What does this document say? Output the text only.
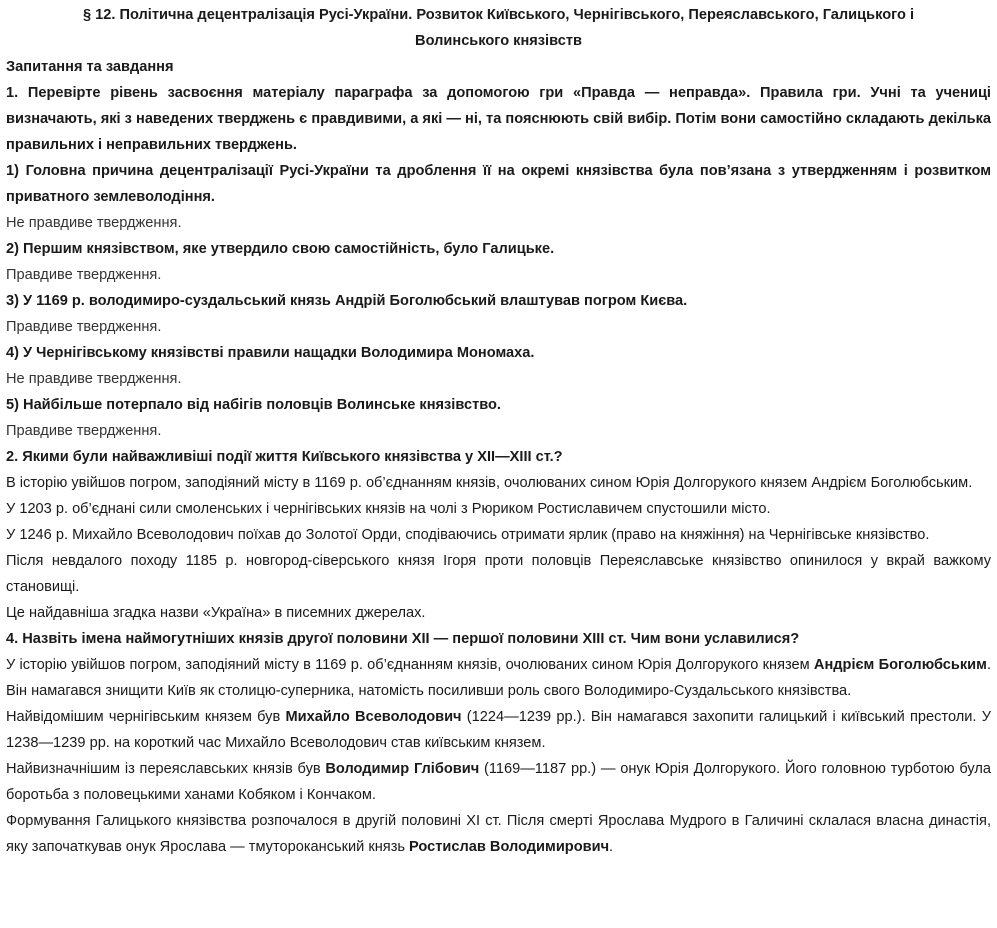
§ 12. Політична децентралізація Русі-України. Розвиток Київського, Чернігівського, Переяславського, Галицького і Волинського князівств

Запитання та завдання

1. Перевірте рівень засвоєння матеріалу параграфа за допомогою гри «Правда — неправда». Правила гри. Учні та учениці визначають, які з наведених тверджень є правдивими, а які — ні, та пояснюють свій вибір. Потім вони самостійно складають декілька правильних і неправильних тверджень.

1) Головна причина децентралізації Русі-України та дроблення її на окремі князівства була пов’язана з утвердженням і розвитком приватного землеволодіння.

Не правдиве твердження.

2) Першим князівством, яке утвердило свою самостійність, було Галицьке.

Правдиве твердження.

3) У 1169 р. володимиро-суздальський князь Андрій Боголюбський влаштував погром Києва.

Правдиве твердження.

4) У Чернігівському князівстві правили нащадки Володимира Мономаха.

Не правдиве твердження.

5) Найбільше потерпало від набігів половців Волинське князівство.

Правдиве твердження.

2. Якими були найважливіші події життя Київського князівства у XII—XIII ст.?

В історію увійшов погром, заподіяний місту в 1169 р. об’єднанням князів, очолюваних сином Юрія Долгорукого князем Андрієм Боголюбським.

У 1203 р. об’єднані сили смоленських і чернігівських князів на чолі з Рюриком Ростиславичем спустошили місто.

У 1246 р. Михайло Всеволодович поїхав до Золотої Орди, сподіваючись отримати ярлик (право на княжіння) на Чернігівське князівство.

Після невдалого походу 1185 р. новгород-сіверського князя Ігоря проти половців Переяславське князівство опинилося у вкрай важкому становищі.

Це найдавніша згадка назви «Україна» в писемних джерелах.

4. Назвіть імена наймогутніших князів другої половини XII — першої половини XIII ст. Чим вони уславилися?

У історію увійшов погром, заподіяний місту в 1169 р. об’єднанням князів, очолюваних сином Юрія Долгорукого князем Андрієм Боголюбським. Він намагався знищити Київ як столицю-суперника, натомість посиливши роль свого Володимиро-Суздальського князівства.

Найвідомішим чернігівським князем був Михайло Всеволодович (1224—1239 рр.). Він намагався захопити галицький і київський престоли. У 1238—1239 рр. на короткий час Михайло Всеволодович став київським князем.

Найвизначнішим із переяславських князів був Володимир Глібович (1169—1187 рр.) — онук Юрія Долгорукого. Його головною турботою була боротьба з половецькими ханами Кобяком і Кончаком.

Формування Галицького князівства розпочалося в другій половині XI ст. Після смерті Ярослава Мудрого в Галичині склалася власна династія, яку започаткував онук Ярослава — тмутороканський князь Ростислав Володимирович.
